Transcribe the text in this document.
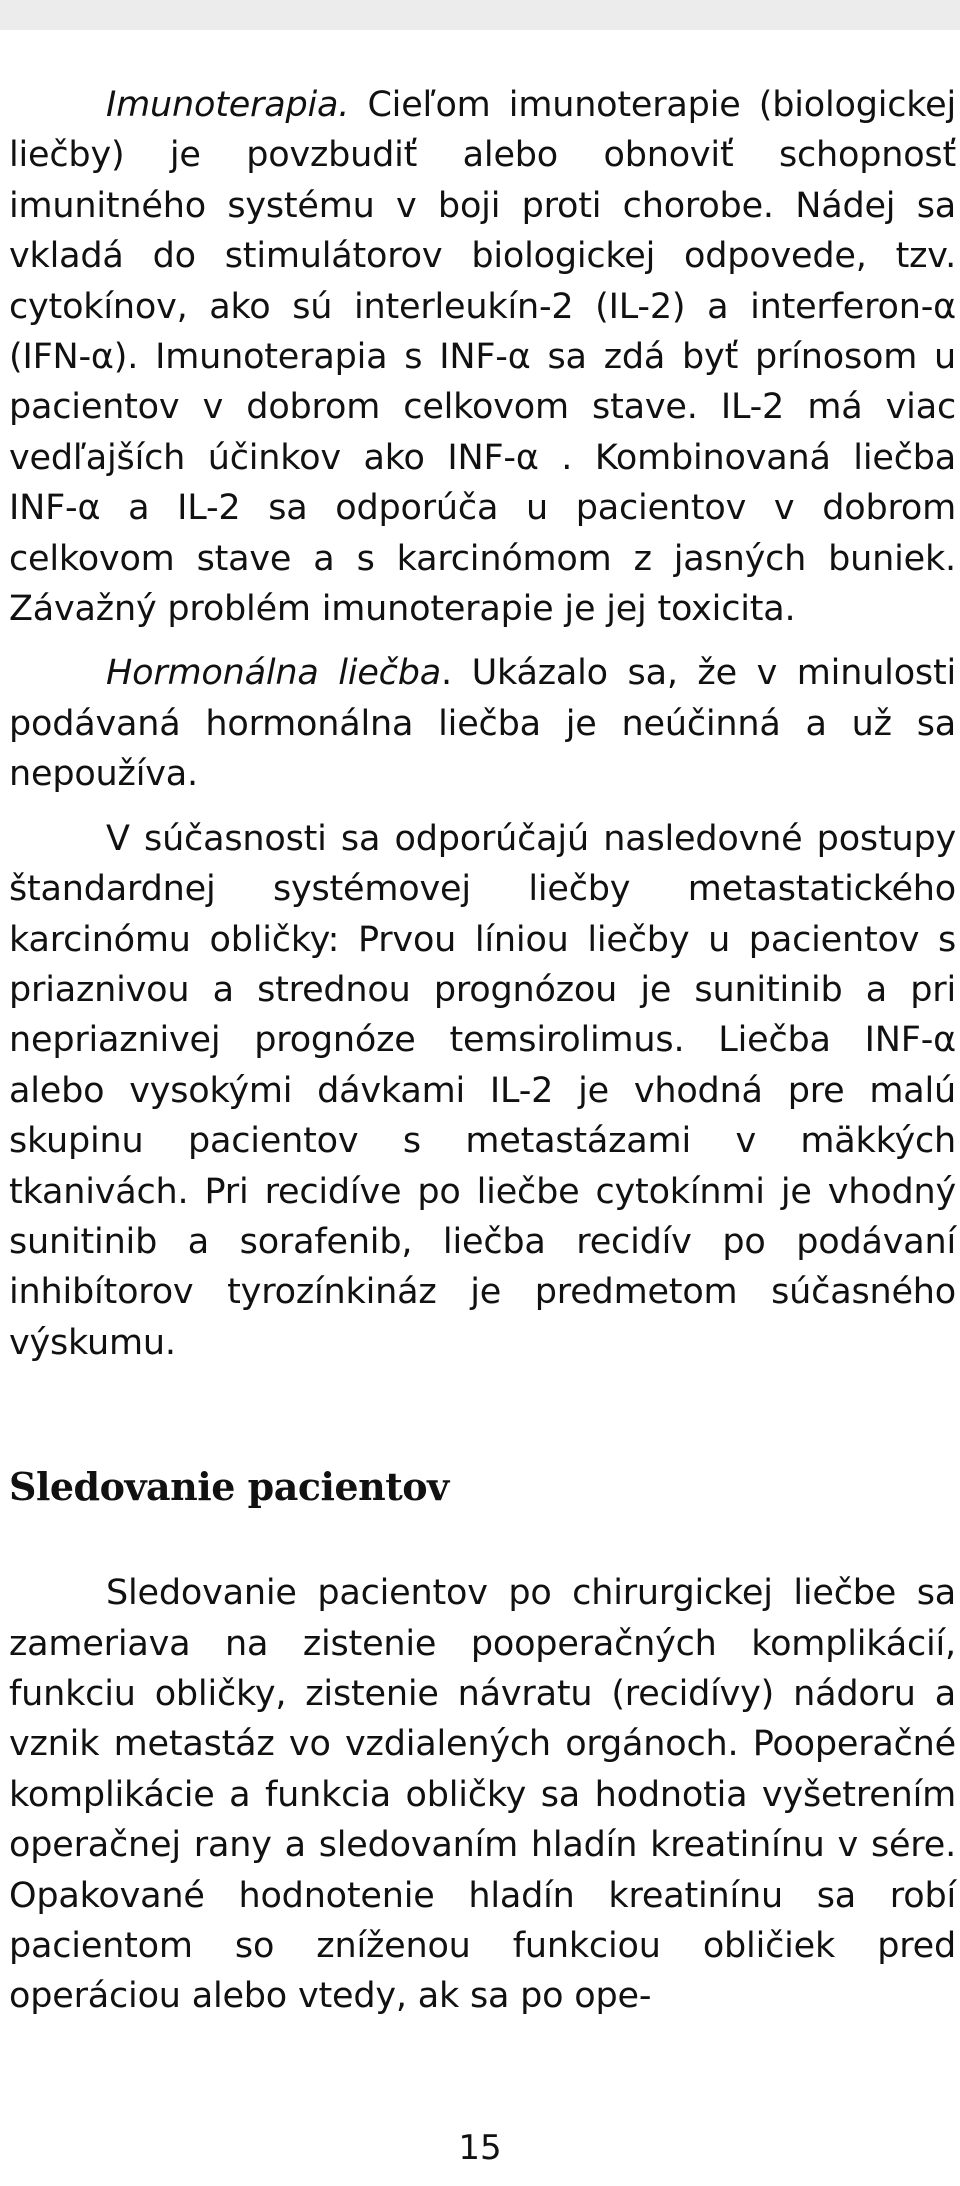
Imunoterapia. Cieľom imunoterapie (biologickej liečby) je povzbudiť alebo obnoviť schopnosť imunitného systému v boji proti chorobe. Nádej sa vkladá do stimulátorov biologickej odpovede, tzv. cytokínov, ako sú interleukín-2 (IL-2) a interferon-α (IFN-α). Imunoterapia s INF-α sa zdá byť prínosom u pacientov v dobrom celkovom stave. IL-2 má viac vedľajších účinkov ako INF-α . Kombinovaná liečba INF-α a IL-2 sa odporúča u pacientov v dobrom celkovom stave a s karcinómom z jasných buniek. Závažný problém imunoterapie je jej toxicita.

Hormonálna liečba. Ukázalo sa, že v minulosti podávaná hormonálna liečba je neúčinná a už sa nepoužíva.

V súčasnosti sa odporúčajú nasledovné postupy štandardnej systémovej liečby metastatického karcinómu obličky: Prvou líniou liečby u pacientov s priaznivou a strednou prognózou je sunitinib a pri nepriaznivej prognóze temsirolimus. Liečba INF-α alebo vysokými dávkami IL-2 je vhodná pre malú skupinu pacientov s metastázami v mäkkých tkanivách. Pri recidíve po liečbe cytokínmi je vhodný sunitinib a sorafenib, liečba recidív po podávaní inhibítorov tyrozínkináz je predmetom súčasného výskumu.

Sledovanie pacientov

Sledovanie pacientov po chirurgickej liečbe sa zameriava na zistenie pooperačných komplikácií, funkciu obličky, zistenie návratu (recidívy) nádoru a vznik metastáz vo vzdialených orgánoch. Pooperačné komplikácie a funkcia obličky sa hodnotia vyšetrením operačnej rany a sledovaním hladín kreatinínu v sére. Opakované hodnotenie hladín kreatinínu sa robí pacientom so zníženou funkciou obličiek pred operáciou alebo vtedy, ak sa po ope-

15
